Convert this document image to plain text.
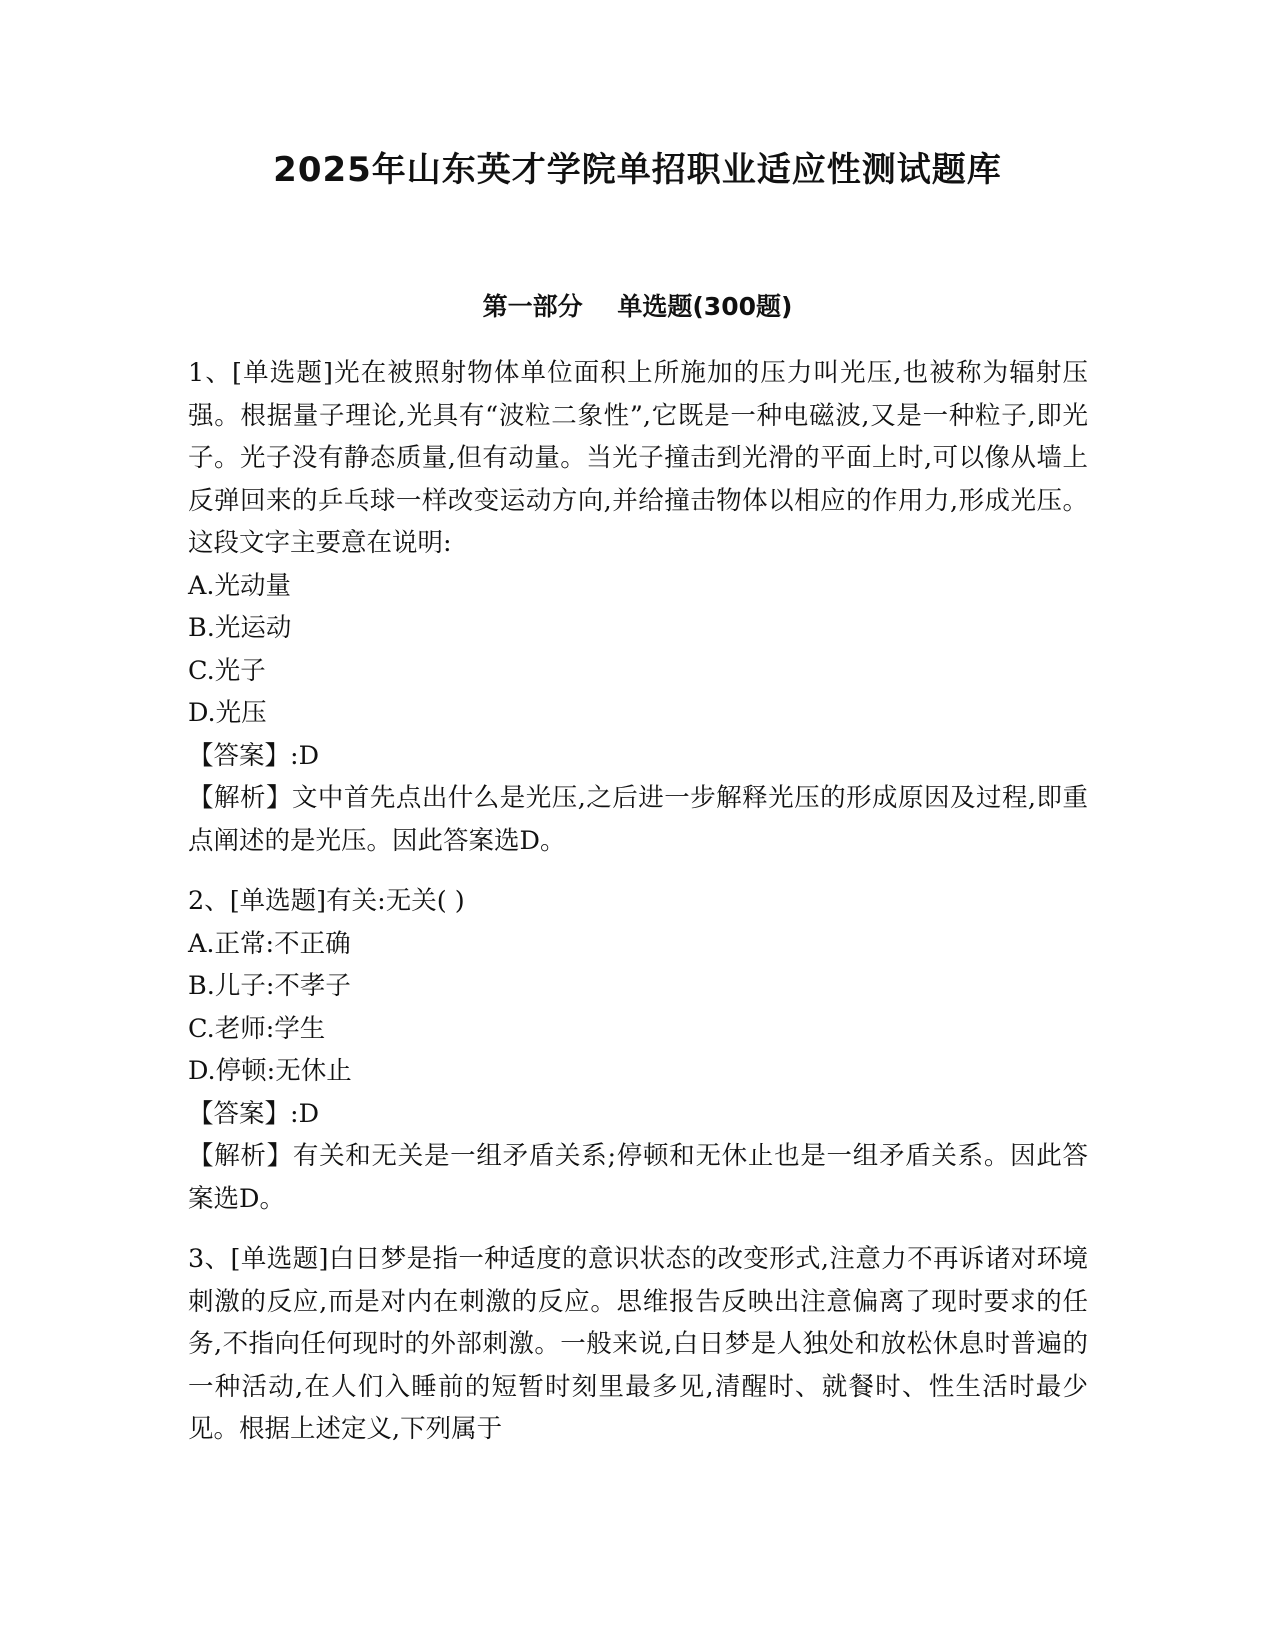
2025年山东英才学院单招职业适应性测试题库
第一部分    单选题(300题)

1、[单选题]光在被照射物体单位面积上所施加的压力叫光压,也被称为辐射压强。根据量子理论,光具有“波粒二象性”,它既是一种电磁波,又是一种粒子,即光子。光子没有静态质量,但有动量。当光子撞击到光滑的平面上时,可以像从墙上反弹回来的乒乓球一样改变运动方向,并给撞击物体以相应的作用力,形成光压。这段文字主要意在说明:

A.光动量

B.光运动

C.光子

D.光压

【答案】:D

【解析】文中首先点出什么是光压,之后进一步解释光压的形成原因及过程,即重点阐述的是光压。因此答案选D。

2、[单选题]有关:无关( )

A.正常:不正确

B.儿子:不孝子

C.老师:学生

D.停顿:无休止

【答案】:D

【解析】有关和无关是一组矛盾关系;停顿和无休止也是一组矛盾关系。因此答案选D。

3、[单选题]白日梦是指一种适度的意识状态的改变形式,注意力不再诉诸对环境刺激的反应,而是对内在刺激的反应。思维报告反映出注意偏离了现时要求的任务,不指向任何现时的外部刺激。一般来说,白日梦是人独处和放松休息时普遍的一种活动,在人们入睡前的短暂时刻里最多见,清醒时、就餐时、性生活时最少见。根据上述定义,下列属于
